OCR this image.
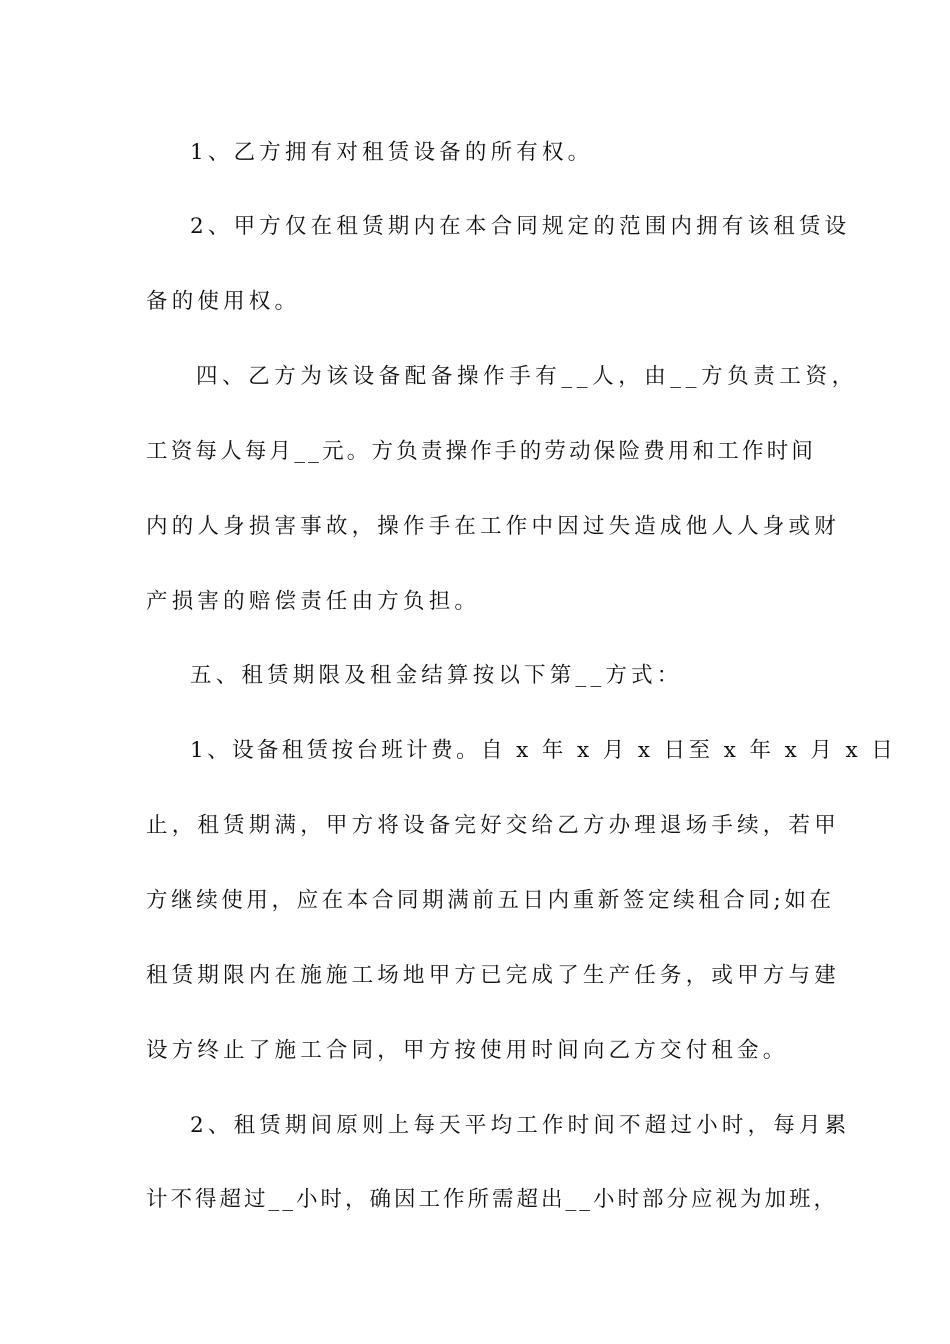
1、乙方拥有对租赁设备的所有权。
2、甲方仅在租赁期内在本合同规定的范围内拥有该租赁设
备的使用权。
四、乙方为该设备配备操作手有__人，由__方负责工资，
工资每人每月__元。方负责操作手的劳动保险费用和工作时间
内的人身损害事故，操作手在工作中因过失造成他人人身或财
产损害的赔偿责任由方负担。
五、租赁期限及租金结算按以下第__方式：
1、设备租赁按台班计费。自 x 年 x 月 x 日至 x 年 x 月 x 日
止，租赁期满，甲方将设备完好交给乙方办理退场手续，若甲
方继续使用，应在本合同期满前五日内重新签定续租合同;如在
租赁期限内在施施工场地甲方已完成了生产任务，或甲方与建
设方终止了施工合同，甲方按使用时间向乙方交付租金。
2、租赁期间原则上每天平均工作时间不超过小时，每月累
计不得超过__小时，确因工作所需超出__小时部分应视为加班，
